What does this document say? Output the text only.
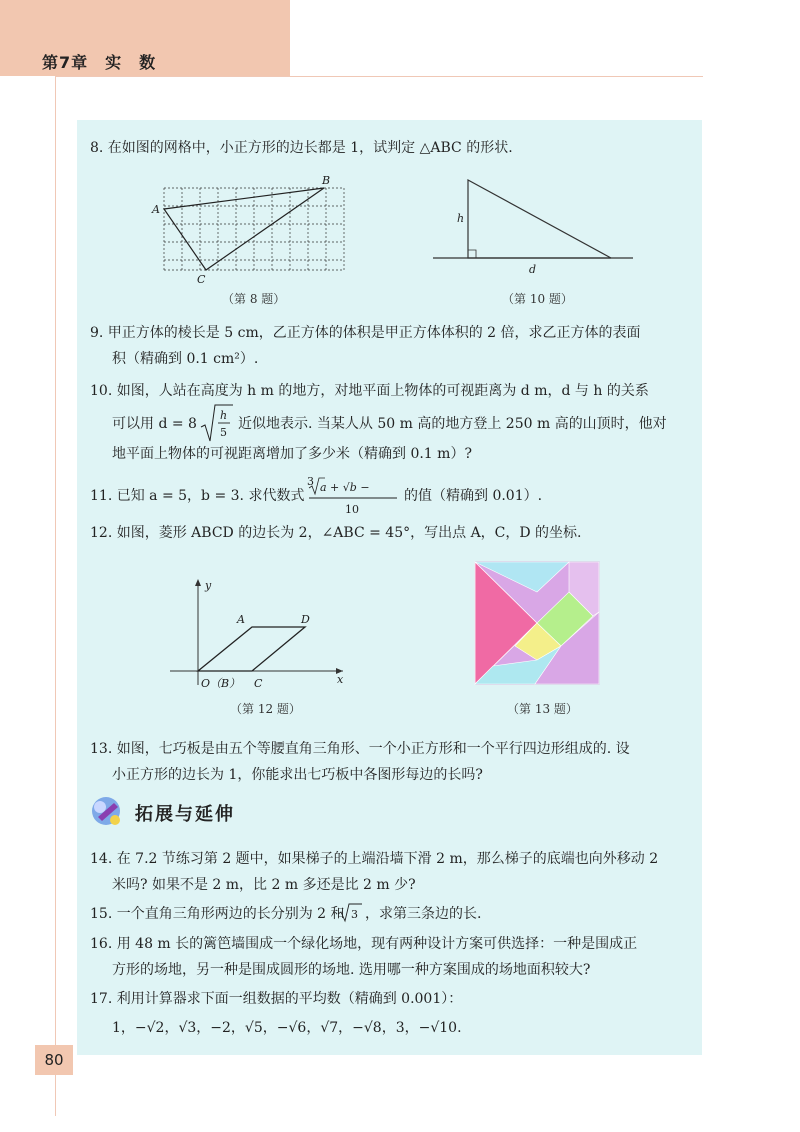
第7章　实　数
8. 在如图的网格中，小正方形的边长都是 1，试判定 △ABC 的形状.
A
B
C
（第 8 题）
h
d
（第 10 题）
9. 甲正方体的棱长是 5 cm，乙正方体的体积是甲正方体体积的 2 倍，求乙正方体的表面
积（精确到 0.1 cm²）.
10. 如图，人站在高度为 h m 的地方，对地平面上物体的可视距离为 d m，d 与 h 的关系
可以用 d = 8
h
5
近似地表示. 当某人从 50 m 高的地方登上 250 m 高的山顶时，他对
地平面上物体的可视距离增加了多少米（精确到 0.1 m）?
11. 已知 a = 5，b = 3. 求代数式
3 a + √b −
10
的值（精确到 0.01）.
12. 如图，菱形 ABCD 的边长为 2，∠ABC = 45°，写出点 A，C，D 的坐标.
y
x
A	D
O（B） C
（第 12 题）	（第 13 题）
13. 如图，七巧板是由五个等腰直角三角形、一个小正方形和一个平行四边形组成的. 设
小正方形的边长为 1，你能求出七巧板中各图形每边的长吗?
拓展与延伸
14. 在 7.2 节练习第 2 题中，如果梯子的上端沿墙下滑 2 m，那么梯子的底端也向外移动 2
米吗? 如果不是 2 m，比 2 m 多还是比 2 m 少?
15. 一个直角三角形两边的长分别为 2 和 3 ，求第三条边的长.
16. 用 48 m 长的篱笆墙围成一个绿化场地，现有两种设计方案可供选择：一种是围成正
方形的场地，另一种是围成圆形的场地. 选用哪一种方案围成的场地面积较大?
17. 利用计算器求下面一组数据的平均数（精确到 0.001）：
1，−√2，√3，−2，√5，−√6，√7，−√8，3，−√10.
80
